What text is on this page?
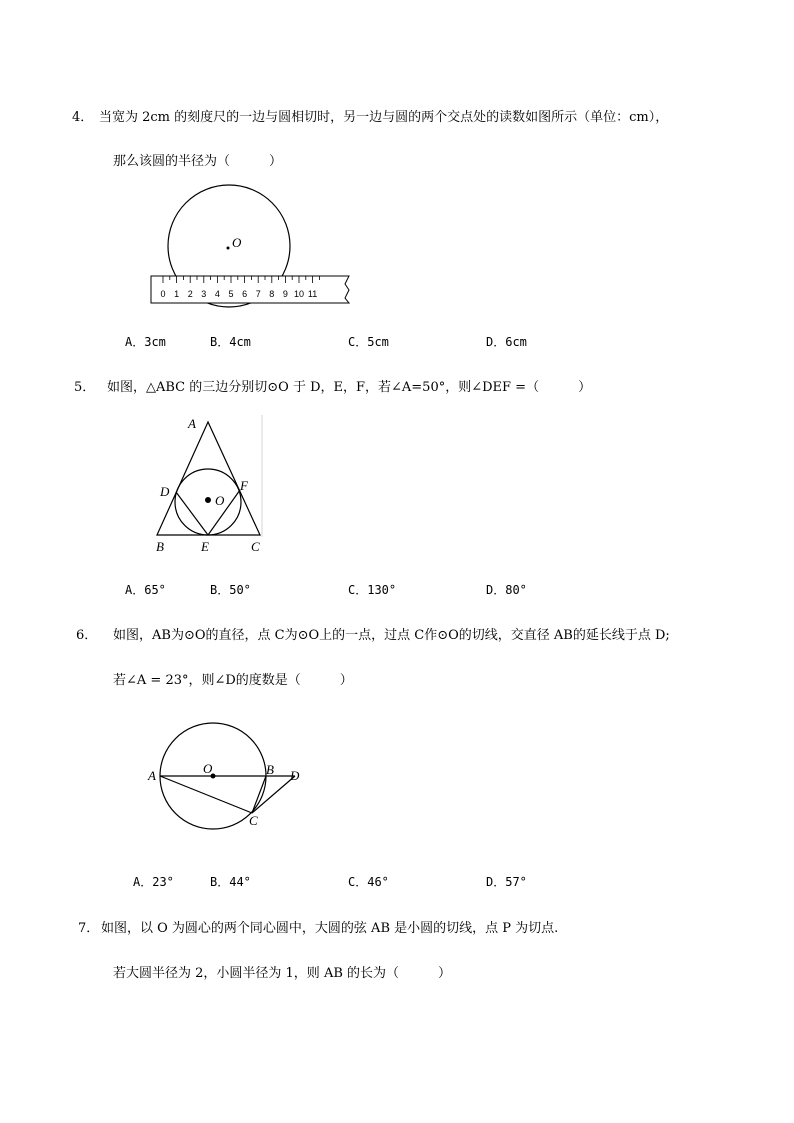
4． 当宽为 2cm 的刻度尺的一边与圆相切时，另一边与圆的两个交点处的读数如图所示（单位：cm），
那么该圆的半径为（　　　）
O
0 1 2 3 4 5 6 7 8 9 10 11
A．3cm	B．4cm	C．5cm	D．6cm
5． 如图，△ABC 的三边分别切⊙O 于 D，E，F，若∠A=50°，则∠DEF =（　　　）
A
B	C
D
E
F
O
A．65°	B．50°	C．130°	D．80°
6． 如图，AB为⊙O的直径，点 C为⊙O上的一点，过点 C作⊙O的切线，交直径 AB的延长线于点 D;
若∠A = 23°，则∠D的度数是（　　　）
A	O	B D
C
A．23°	B．44°	C．46°	D．57°
7． 如图，以 O 为圆心的两个同心圆中，大圆的弦 AB 是小圆的切线，点 P 为切点.
若大圆半径为 2，小圆半径为 1，则 AB 的长为（　　　）
